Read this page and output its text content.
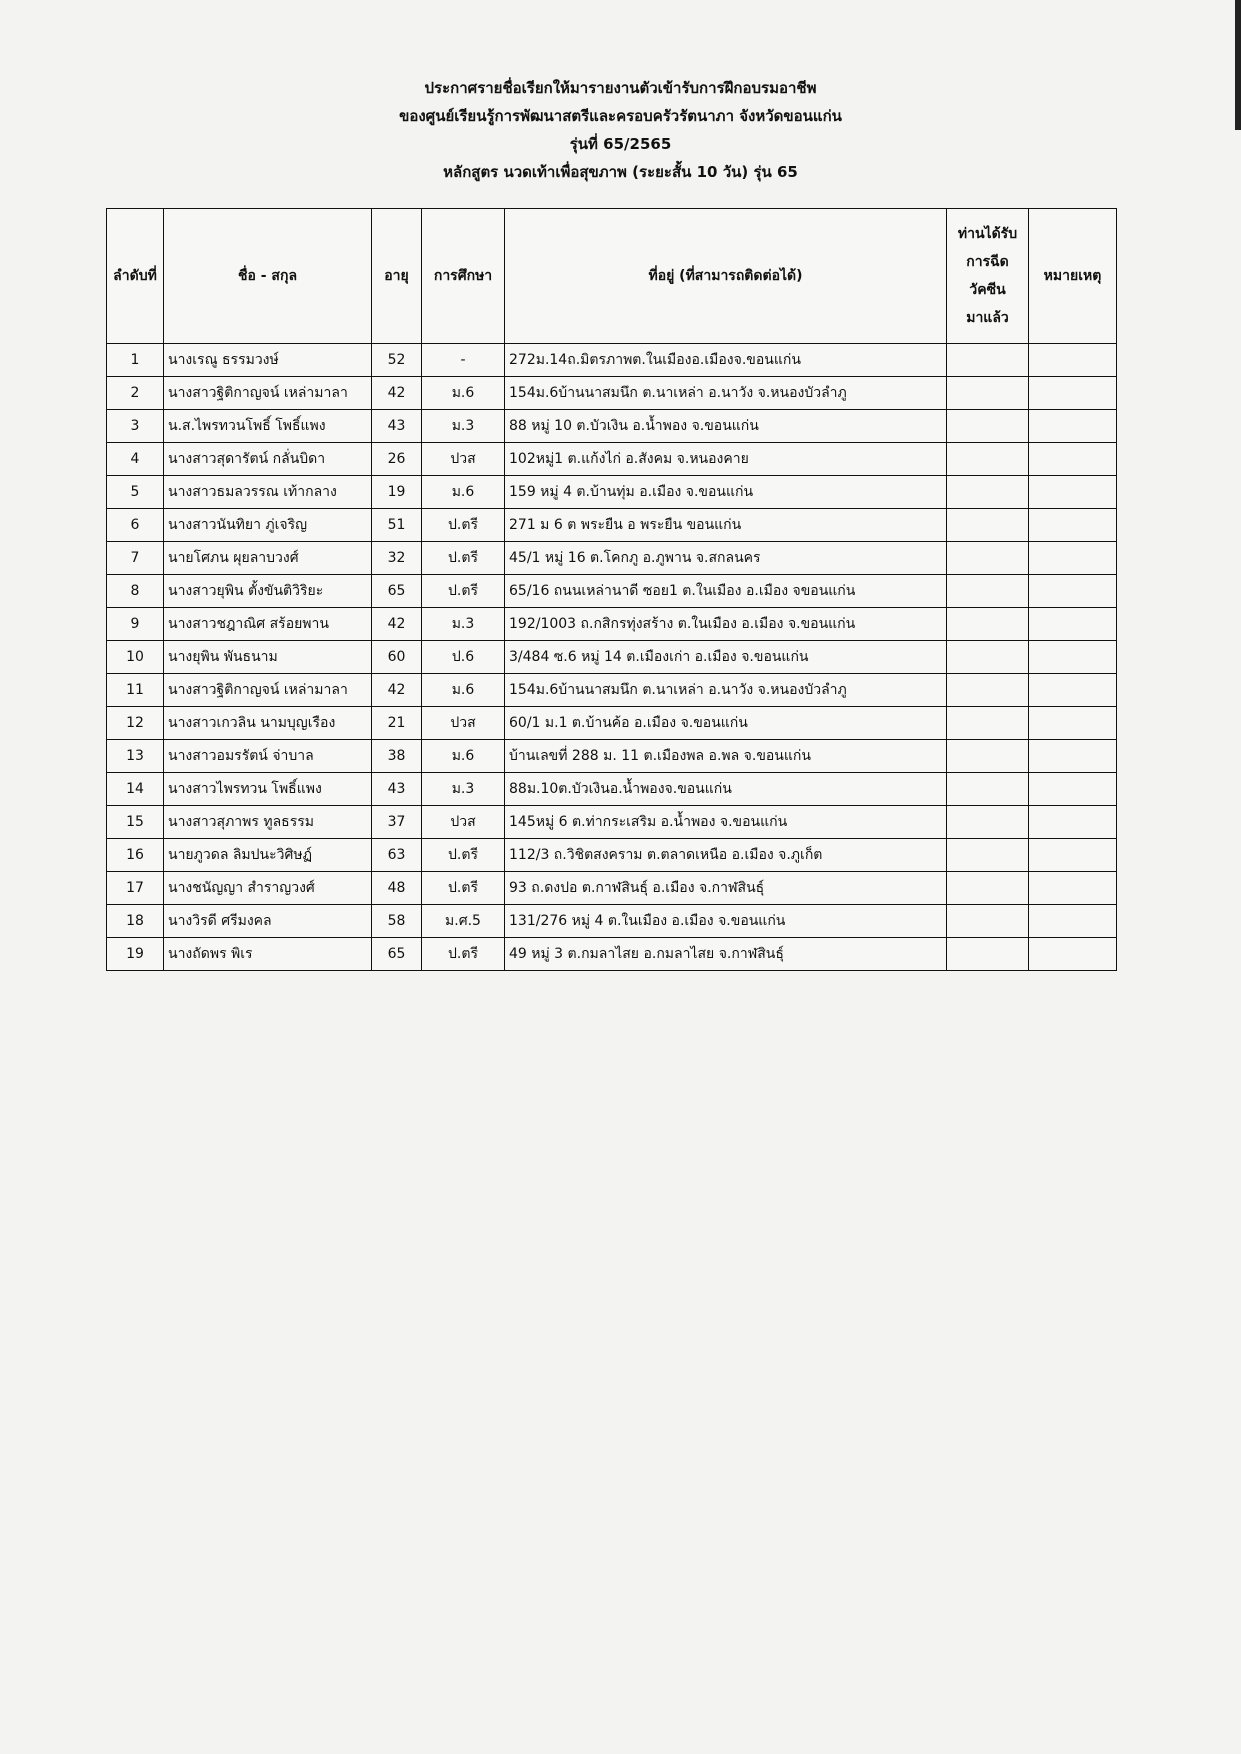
ประกาศรายชื่อเรียกให้มารายงานตัวเข้ารับการฝึกอบรมอาชีพ
ของศูนย์เรียนรู้การพัฒนาสตรีและครอบครัวรัตนาภา จังหวัดขอนแก่น
รุ่นที่ 65/2565
หลักสูตร นวดเท้าเพื่อสุขภาพ (ระยะสั้น 10 วัน) รุ่น 65
ลำดับที่	ชื่อ - สกุล	อายุ	การศึกษา	ที่อยู่ (ที่สามารถติดต่อได้)	ท่านได้รับ
การฉีด
วัคซีน
มาแล้ว	หมายเหตุ
1	นางเรณู ธรรมวงษ์	52	-	272ม.14ถ.มิตรภาพต.ในเมืองอ.เมืองจ.ขอนแก่น		
2	นางสาวฐิติกาญจน์ เหล่ามาลา	42	ม.6	154ม.6บ้านนาสมนึก ต.นาเหล่า อ.นาวัง จ.หนองบัวลำภู		
3	น.ส.ไพรทวนโพธิ์ โพธิ์แพง	43	ม.3	88 หมู่ 10 ต.บัวเงิน อ.น้ำพอง จ.ขอนแก่น		
4	นางสาวสุดารัตน์ กลั่นบิดา	26	ปวส	102หมู่1 ต.แก้งไก่ อ.สังคม จ.หนองคาย		
5	นางสาวธมลวรรณ เท้ากลาง	19	ม.6	159 หมู่ 4 ต.บ้านทุ่ม อ.เมือง จ.ขอนแก่น		
6	นางสาวนันทิยา ภู่เจริญ	51	ป.ตรี	271 ม 6 ต พระยืน อ พระยืน ขอนแก่น		
7	นายโศภน ผุยลาบวงศ์	32	ป.ตรี	45/1 หมู่ 16 ต.โคกภู อ.ภูพาน จ.สกลนคร		
8	นางสาวยุพิน ตั้งขันติวิริยะ	65	ป.ตรี	65/16 ถนนเหล่านาดี ซอย1 ต.ในเมือง อ.เมือง จขอนแก่น		
9	นางสาวชฎาณิศ สร้อยพาน	42	ม.3	192/1003 ถ.กสิกรทุ่งสร้าง ต.ในเมือง อ.เมือง จ.ขอนแก่น		
10	นางยุพิน พันธนาม	60	ป.6	3/484 ซ.6 หมู่ 14 ต.เมืองเก่า อ.เมือง จ.ขอนแก่น		
11	นางสาวฐิติกาญจน์ เหล่ามาลา	42	ม.6	154ม.6บ้านนาสมนึก ต.นาเหล่า อ.นาวัง จ.หนองบัวลำภู		
12	นางสาวเกวลิน นามบุญเรือง	21	ปวส	60/1 ม.1 ต.บ้านค้อ อ.เมือง จ.ขอนแก่น		
13	นางสาวอมรรัตน์ จ่าบาล	38	ม.6	บ้านเลขที่ 288 ม. 11 ต.เมืองพล อ.พล จ.ขอนแก่น		
14	นางสาวไพรทวน โพธิ์แพง	43	ม.3	88ม.10ต.บัวเงินอ.น้ำพองจ.ขอนแก่น		
15	นางสาวสุภาพร ทูลธรรม	37	ปวส	145หมู่ 6 ต.ท่ากระเสริม อ.น้ำพอง จ.ขอนแก่น		
16	นายภูวดล ลิมปนะวิศิษฏ์	63	ป.ตรี	112/3 ถ.วิชิตสงคราม ต.ตลาดเหนือ อ.เมือง จ.ภูเก็ต		
17	นางชนัญญา สำราญวงศ์	48	ป.ตรี	93 ถ.ดงปอ ต.กาฬสินธุ์ อ.เมือง จ.กาฬสินธุ์		
18	นางวิรดี ศรีมงคล	58	ม.ศ.5	131/276 หมู่ 4 ต.ในเมือง อ.เมือง จ.ขอนแก่น		
19	นางถัดพร พิเร	65	ป.ตรี	49 หมู่ 3 ต.กมลาไสย อ.กมลาไสย จ.กาฬสินธุ์		
